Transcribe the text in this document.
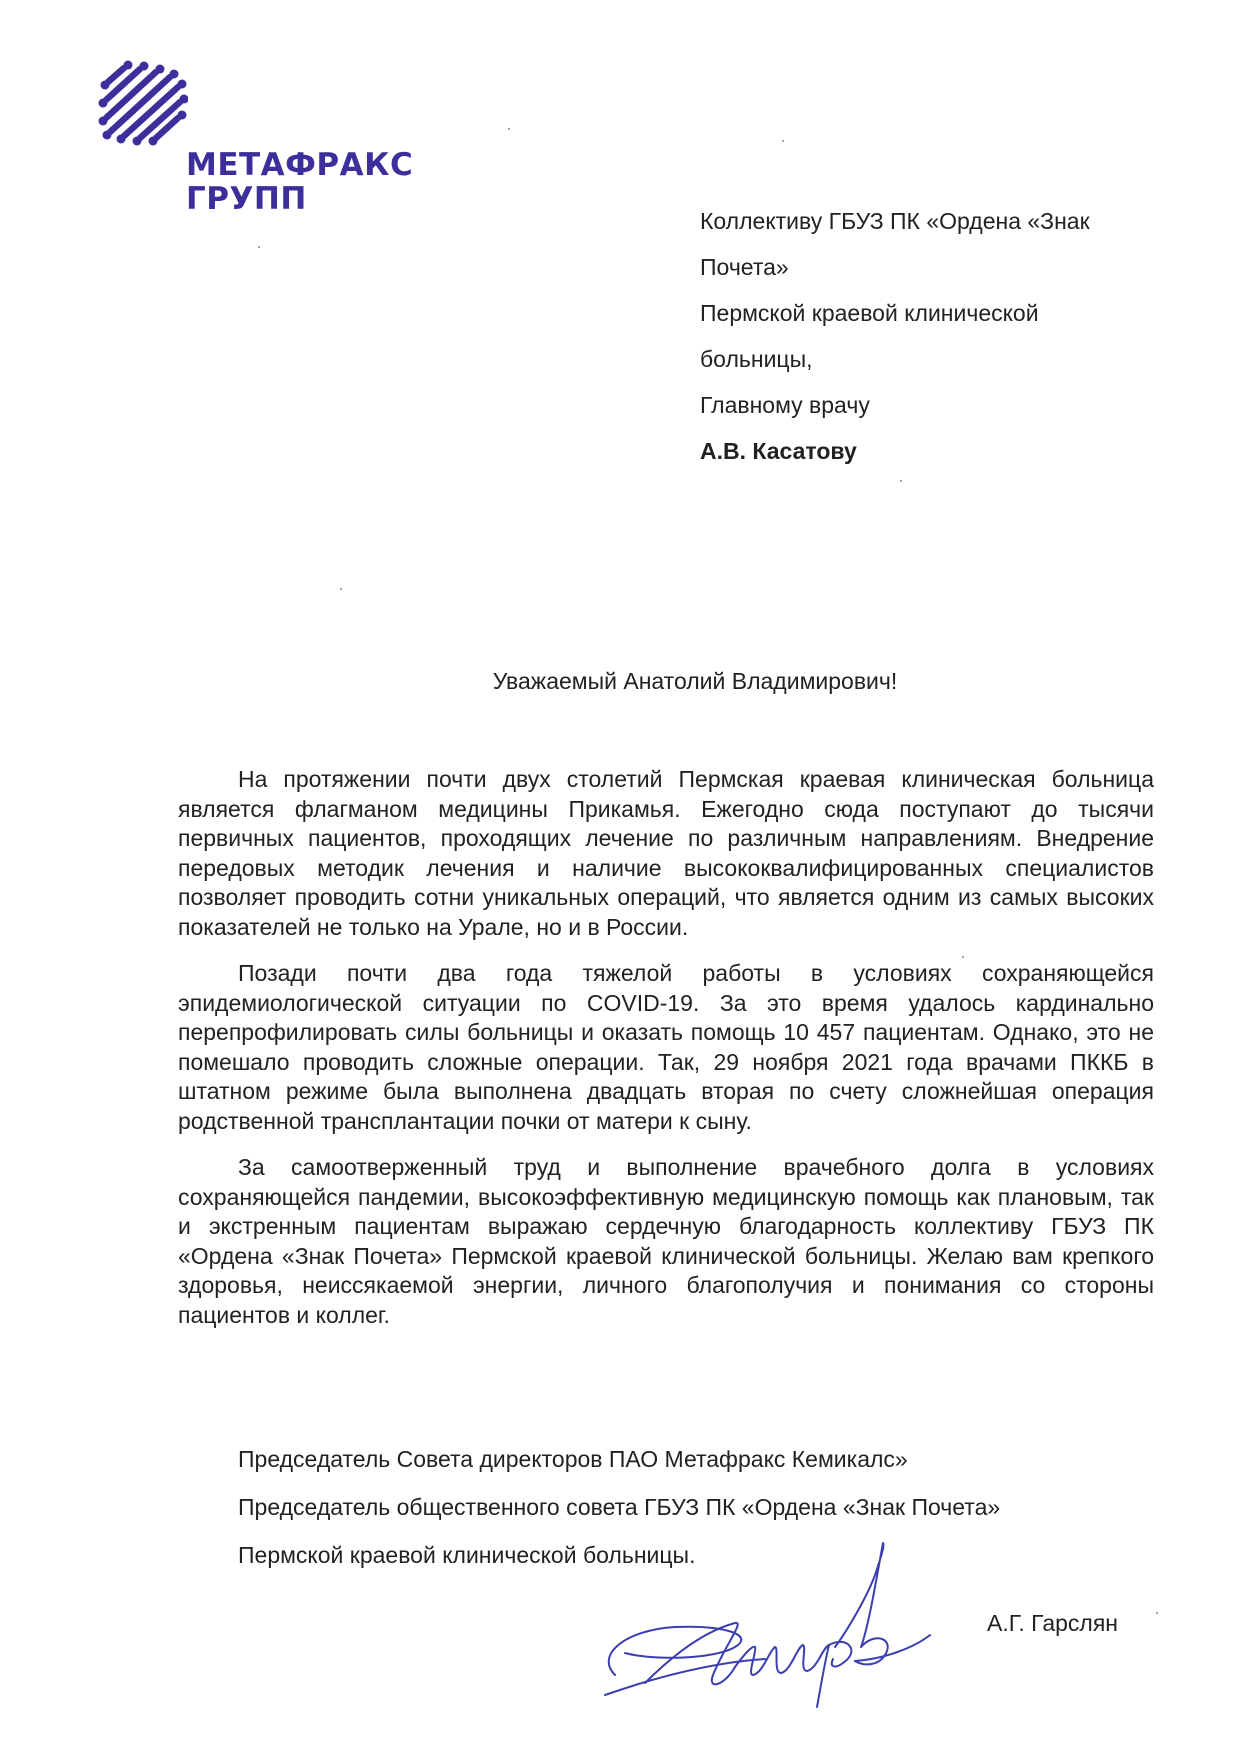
МЕТАФРАКС
ГРУПП
Коллективу ГБУЗ ПК «Ордена «Знак
Почета»
Пермской краевой клинической
больницы,
Главному врачу
А.В. Касатову
Уважаемый Анатолий Владимирович!

На протяжении почти двух столетий Пермская краевая клиническая больница является флагманом медицины Прикамья. Ежегодно сюда поступают до тысячи первичных пациентов, проходящих лечение по различным направлениям. Внедрение передовых методик лечения и наличие высококвалифицированных специалистов позволяет проводить сотни уникальных операций, что является одним из самых высоких показателей не только на Урале, но и в России.

Позади почти два года тяжелой работы в условиях сохраняющейся эпидемиологической ситуации по COVID-19. За это время удалось кардинально перепрофилировать силы больницы и оказать помощь 10 457 пациентам. Однако, это не помешало проводить сложные операции. Так, 29 ноября 2021 года врачами ПККБ в штатном режиме была выполнена двадцать вторая по счету сложнейшая операция родственной трансплантации почки от матери к сыну.

За самоотверженный труд и выполнение врачебного долга в условиях сохраняющейся пандемии, высокоэффективную медицинскую помощь как плановым, так и экстренным пациентам выражаю сердечную благодарность коллективу ГБУЗ ПК «Ордена «Знак Почета» Пермской краевой клинической больницы. Желаю вам крепкого здоровья, неиссякаемой энергии, личного благополучия и понимания со стороны пациентов и коллег.

Председатель Совета директоров ПАО Метафракс Кемикалс»
Председатель общественного совета ГБУЗ ПК «Ордена «Знак Почета»
Пермской краевой клинической больницы.
А.Г. Гарслян
